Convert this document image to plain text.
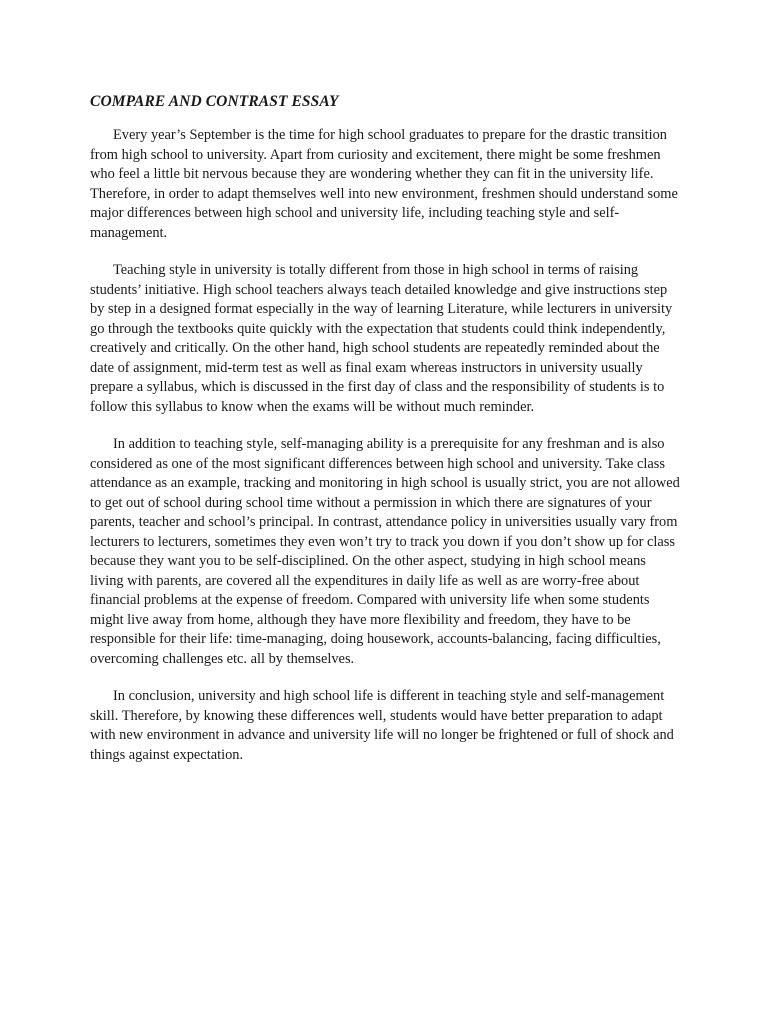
COMPARE AND CONTRAST ESSAY

Every year’s September is the time for high school graduates to prepare for the drastic transition from high school to university. Apart from curiosity and excitement, there might be some freshmen who feel a little bit nervous because they are wondering whether they can fit in the university life. Therefore, in order to adapt themselves well into new environment, freshmen should understand some major differences between high school and university life, including teaching style and self-management.

Teaching style in university is totally different from those in high school in terms of raising students’ initiative. High school teachers always teach detailed knowledge and give instructions step by step in a designed format especially in the way of learning Literature, while lecturers in university go through the textbooks quite quickly with the expectation that students could think independently, creatively and critically. On the other hand, high school students are repeatedly reminded about the date of assignment, mid-term test as well as final exam whereas instructors in university usually prepare a syllabus, which is discussed in the first day of class and the responsibility of students is to follow this syllabus to know when the exams will be without much reminder.

In addition to teaching style, self-managing ability is a prerequisite for any freshman and is also considered as one of the most significant differences between high school and university. Take class attendance as an example, tracking and monitoring in high school is usually strict, you are not allowed to get out of school during school time without a permission in which there are signatures of your parents, teacher and school’s principal. In contrast, attendance policy in universities usually vary from lecturers to lecturers, sometimes they even won’t try to track you down if you don’t show up for class because they want you to be self-disciplined. On the other aspect, studying in high school means living with parents, are covered all the expenditures in daily life as well as are worry-free about financial problems at the expense of freedom. Compared with university life when some students might live away from home, although they have more flexibility and freedom, they have to be responsible for their life: time-managing, doing housework, accounts-balancing, facing difficulties, overcoming challenges etc. all by themselves.

In conclusion, university and high school life is different in teaching style and self-management skill. Therefore, by knowing these differences well, students would have better preparation to adapt with new environment in advance and university life will no longer be frightened or full of shock and things against expectation.
